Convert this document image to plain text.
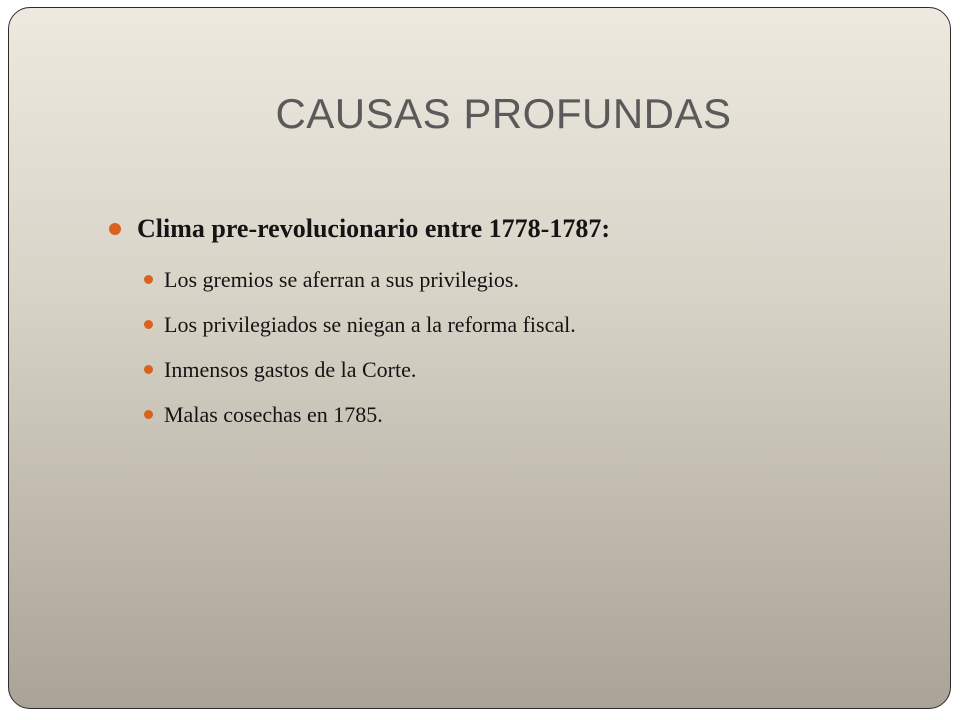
CAUSAS PROFUNDAS
Clima pre-revolucionario entre 1778-1787:
Los gremios se aferran a sus privilegios.
Los privilegiados se niegan a la reforma fiscal.
Inmensos gastos de la Corte.
Malas cosechas en 1785.
